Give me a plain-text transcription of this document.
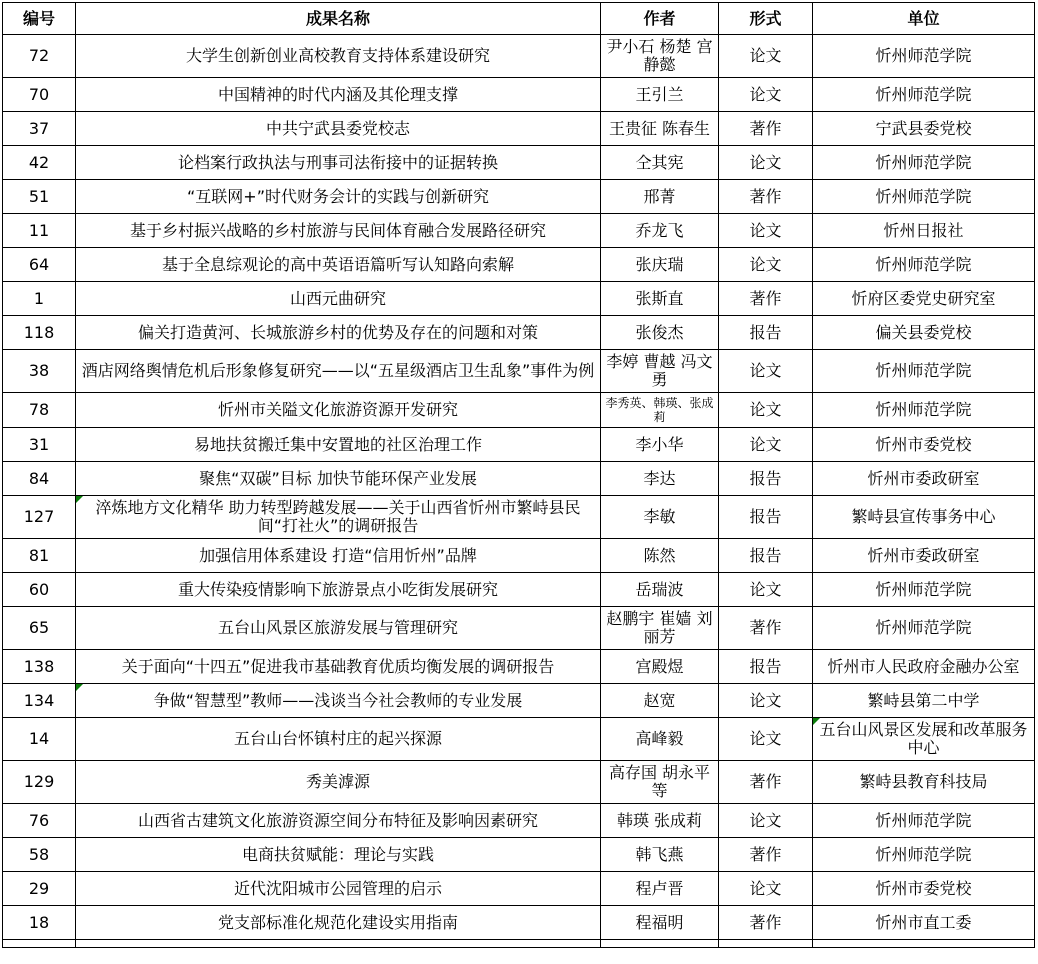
编号	成果名称	作者	形式	单位
72	大学生创新创业高校教育支持体系建设研究	尹小石 杨楚 宫静懿	论文	忻州师范学院
70	中国精神的时代内涵及其伦理支撑	王引兰	论文	忻州师范学院
37	中共宁武县委党校志	王贵征 陈春生	著作	宁武县委党校
42	论档案行政执法与刑事司法衔接中的证据转换	仝其宪	论文	忻州师范学院
51	“互联网+”时代财务会计的实践与创新研究	邢菁	著作	忻州师范学院
11	基于乡村振兴战略的乡村旅游与民间体育融合发展路径研究	乔龙飞	论文	忻州日报社
64	基于全息综观论的高中英语语篇听写认知路向索解	张庆瑞	论文	忻州师范学院
1	山西元曲研究	张斯直	著作	忻府区委党史研究室
118	偏关打造黄河、长城旅游乡村的优势及存在的问题和对策	张俊杰	报告	偏关县委党校
38	酒店网络舆情危机后形象修复研究——以“五星级酒店卫生乱象”事件为例	李婷 曹越 冯文勇	论文	忻州师范学院
78	忻州市关隘文化旅游资源开发研究	李秀英、韩瑛、张成莉	论文	忻州师范学院
31	易地扶贫搬迁集中安置地的社区治理工作	李小华	论文	忻州市委党校
84	聚焦“双碳”目标 加快节能环保产业发展	李达	报告	忻州市委政研室
127	淬炼地方文化精华 助力转型跨越发展——关于山西省忻州市繁峙县民间“打社火”的调研报告	李敏	报告	繁峙县宣传事务中心
81	加强信用体系建设 打造“信用忻州”品牌	陈然	报告	忻州市委政研室
60	重大传染疫情影响下旅游景点小吃街发展研究	岳瑞波	论文	忻州师范学院
65	五台山风景区旅游发展与管理研究	赵鹏宇 崔嫱 刘丽芳	著作	忻州师范学院
138	关于面向“十四五”促进我市基础教育优质均衡发展的调研报告	宫殿煜	报告	忻州市人民政府金融办公室
134	争做“智慧型”教师——浅谈当今社会教师的专业发展	赵宽	论文	繁峙县第二中学
14	五台山台怀镇村庄的起兴探源	高峰毅	论文	五台山风景区发展和改革服务中心
129	秀美滹源	高存国 胡永平 等	著作	繁峙县教育科技局
76	山西省古建筑文化旅游资源空间分布特征及影响因素研究	韩瑛 张成莉	论文	忻州师范学院
58	电商扶贫赋能：理论与实践	韩飞燕	著作	忻州师范学院
29	近代沈阳城市公园管理的启示	程卢晋	论文	忻州市委党校
18	党支部标准化规范化建设实用指南	程福明	著作	忻州市直工委
